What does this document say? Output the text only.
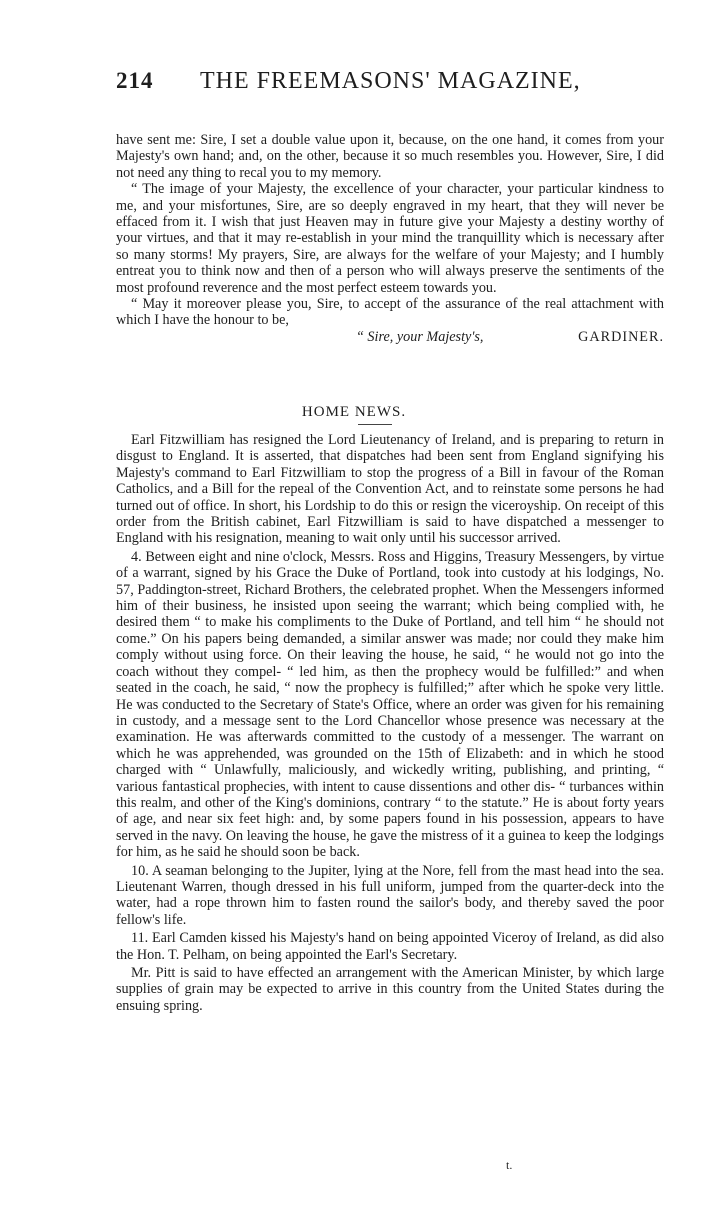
214 THE FREEMASONS' MAGAZINE,

have sent me: Sire, I set a double value upon it, because, on the one hand, it comes from your Majesty's own hand; and, on the other, because it so much resembles you. However, Sire, I did not need any thing to recal you to my memory.

“ The image of your Majesty, the excellence of your character, your particular kindness to me, and your misfortunes, Sire, are so deeply engraved in my heart, that they will never be effaced from it. I wish that just Heaven may in future give your Majesty a destiny worthy of your virtues, and that it may re-establish in your mind the tranquillity which is necessary after so many storms! My prayers, Sire, are always for the welfare of your Majesty; and I humbly entreat you to think now and then of a person who will always preserve the sentiments of the most profound reverence and the most perfect esteem towards you.

“ May it moreover please you, Sire, to accept of the assurance of the real attachment with which I have the honour to be,

“ Sire, your Majesty's,	GARDINER.
HOME NEWS.

Earl Fitzwilliam has resigned the Lord Lieutenancy of Ireland, and is preparing to return in disgust to England. It is asserted, that dispatches had been sent from England signifying his Majesty's command to Earl Fitzwilliam to stop the progress of a Bill in favour of the Roman Catholics, and a Bill for the repeal of the Convention Act, and to reinstate some persons he had turned out of office. In short, his Lordship to do this or resign the viceroyship. On receipt of this order from the British cabinet, Earl Fitzwilliam is said to have dispatched a messenger to England with his resignation, meaning to wait only until his successor arrived.

4. Between eight and nine o'clock, Messrs. Ross and Higgins, Treasury Messengers, by virtue of a warrant, signed by his Grace the Duke of Portland, took into custody at his lodgings, No. 57, Paddington-street, Richard Brothers, the celebrated prophet. When the Messengers informed him of their business, he insisted upon seeing the warrant; which being complied with, he desired them “ to make his compliments to the Duke of Portland, and tell him “ he should not come.” On his papers being demanded, a similar answer was made; nor could they make him comply without using force. On their leaving the house, he said, “ he would not go into the coach without they compel- “ led him, as then the prophecy would be fulfilled:” and when seated in the coach, he said, “ now the prophecy is fulfilled;” after which he spoke very little. He was conducted to the Secretary of State's Office, where an order was given for his remaining in custody, and a message sent to the Lord Chancellor whose presence was necessary at the examination. He was afterwards committed to the custody of a messenger. The warrant on which he was apprehended, was grounded on the 15th of Elizabeth: and in which he stood charged with “ Unlawfully, maliciously, and wickedly writing, publishing, and printing, “ various fantastical prophecies, with intent to cause dissentions and other dis- “ turbances within this realm, and other of the King's dominions, contrary “ to the statute.” He is about forty years of age, and near six feet high: and, by some papers found in his possession, appears to have served in the navy. On leaving the house, he gave the mistress of it a guinea to keep the lodgings for him, as he said he should soon be back.

10. A seaman belonging to the Jupiter, lying at the Nore, fell from the mast head into the sea. Lieutenant Warren, though dressed in his full uniform, jumped from the quarter-deck into the water, had a rope thrown him to fasten round the sailor's body, and thereby saved the poor fellow's life.

11. Earl Camden kissed his Majesty's hand on being appointed Viceroy of Ireland, as did also the Hon. T. Pelham, on being appointed the Earl's Secretary.

Mr. Pitt is said to have effected an arrangement with the American Minister, by which large supplies of grain may be expected to arrive in this country from the United States during the ensuing spring.

t.
